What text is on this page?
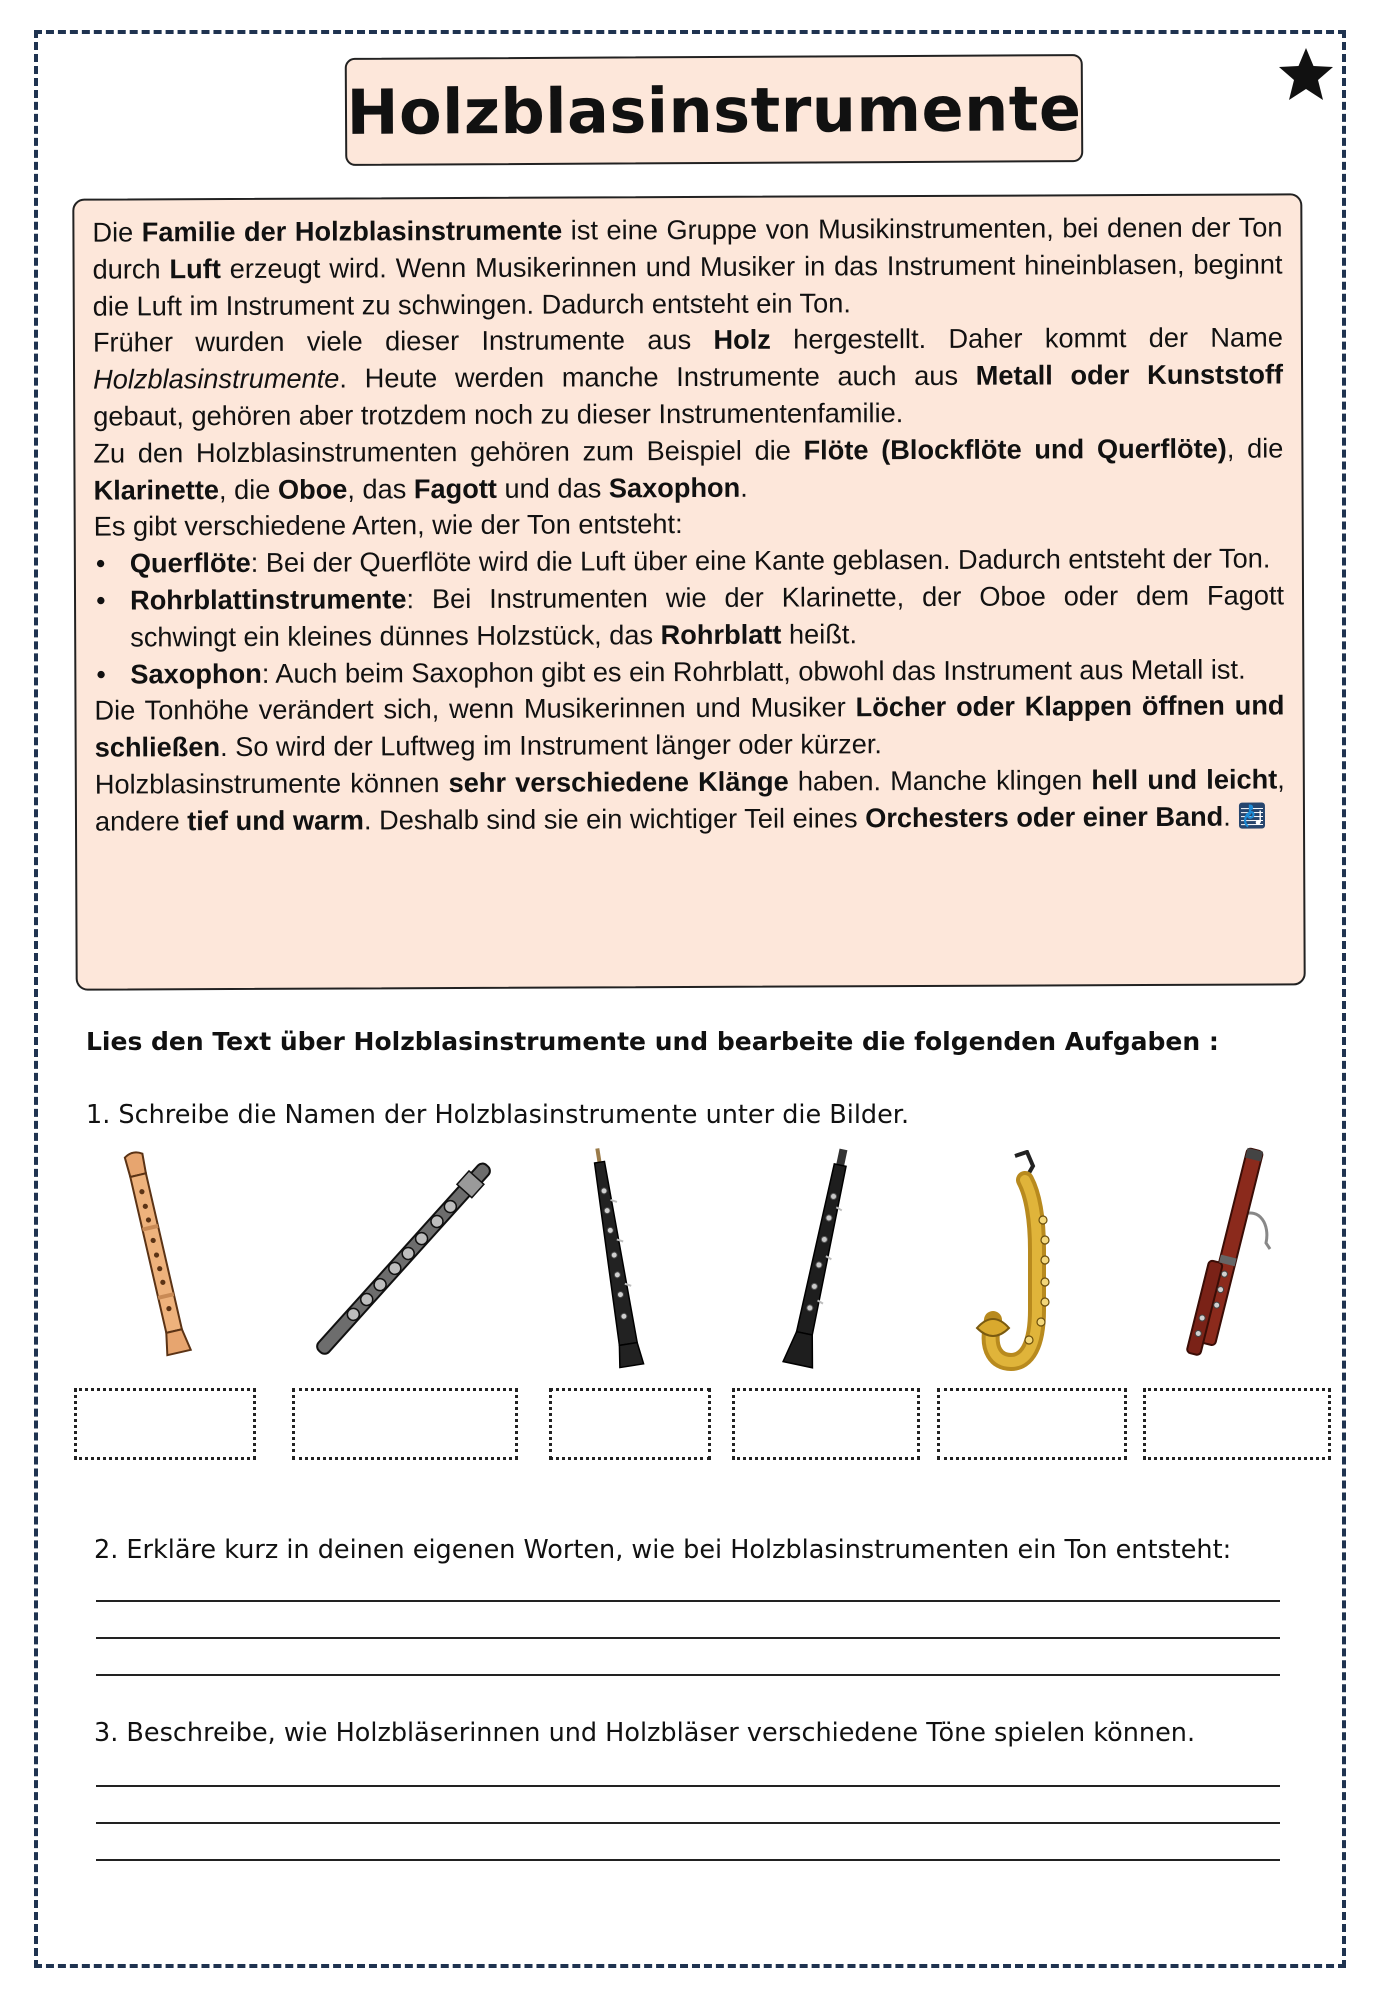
Holzblasinstrumente

Die Familie der Holzblasinstrumente ist eine Gruppe von Musikinstrumenten, bei denen der Ton durch Luft erzeugt wird. Wenn Musikerinnen und Musiker in das Instrument hineinblasen, beginnt die Luft im Instrument zu schwingen. Dadurch entsteht ein Ton.

Früher wurden viele dieser Instrumente aus Holz hergestellt. Daher kommt der Name Holzblasinstrumente. Heute werden manche Instrumente auch aus Metall oder Kunststoff gebaut, gehören aber trotzdem noch zu dieser Instrumentenfamilie.

Zu den Holzblasinstrumenten gehören zum Beispiel die Flöte (Blockflöte und Querflöte), die Klarinette, die Oboe, das Fagott und das Saxophon.

Es gibt verschiedene Arten, wie der Ton entsteht:

• Querflöte: Bei der Querflöte wird die Luft über eine Kante geblasen. Dadurch entsteht der Ton.
• Rohrblattinstrumente: Bei Instrumenten wie der Klarinette, der Oboe oder dem Fagott schwingt ein kleines dünnes Holzstück, das Rohrblatt heißt.
• Saxophon: Auch beim Saxophon gibt es ein Rohrblatt, obwohl das Instrument aus Metall ist.

Die Tonhöhe verändert sich, wenn Musikerinnen und Musiker Löcher oder Klappen öffnen und schließen. So wird der Luftweg im Instrument länger oder kürzer.

Holzblasinstrumente können sehr verschiedene Klänge haben. Manche klingen hell und leicht, andere tief und warm. Deshalb sind sie ein wichtiger Teil eines Orchesters oder einer Band.

Lies den Text über Holzblasinstrumente und bearbeite die folgenden Aufgaben :
1. Schreibe die Namen der Holzblasinstrumente unter die Bilder.
2. Erkläre kurz in deinen eigenen Worten, wie bei Holzblasinstrumenten ein Ton entsteht:
3. Beschreibe, wie Holzbläserinnen und Holzbläser verschiedene Töne spielen können.
